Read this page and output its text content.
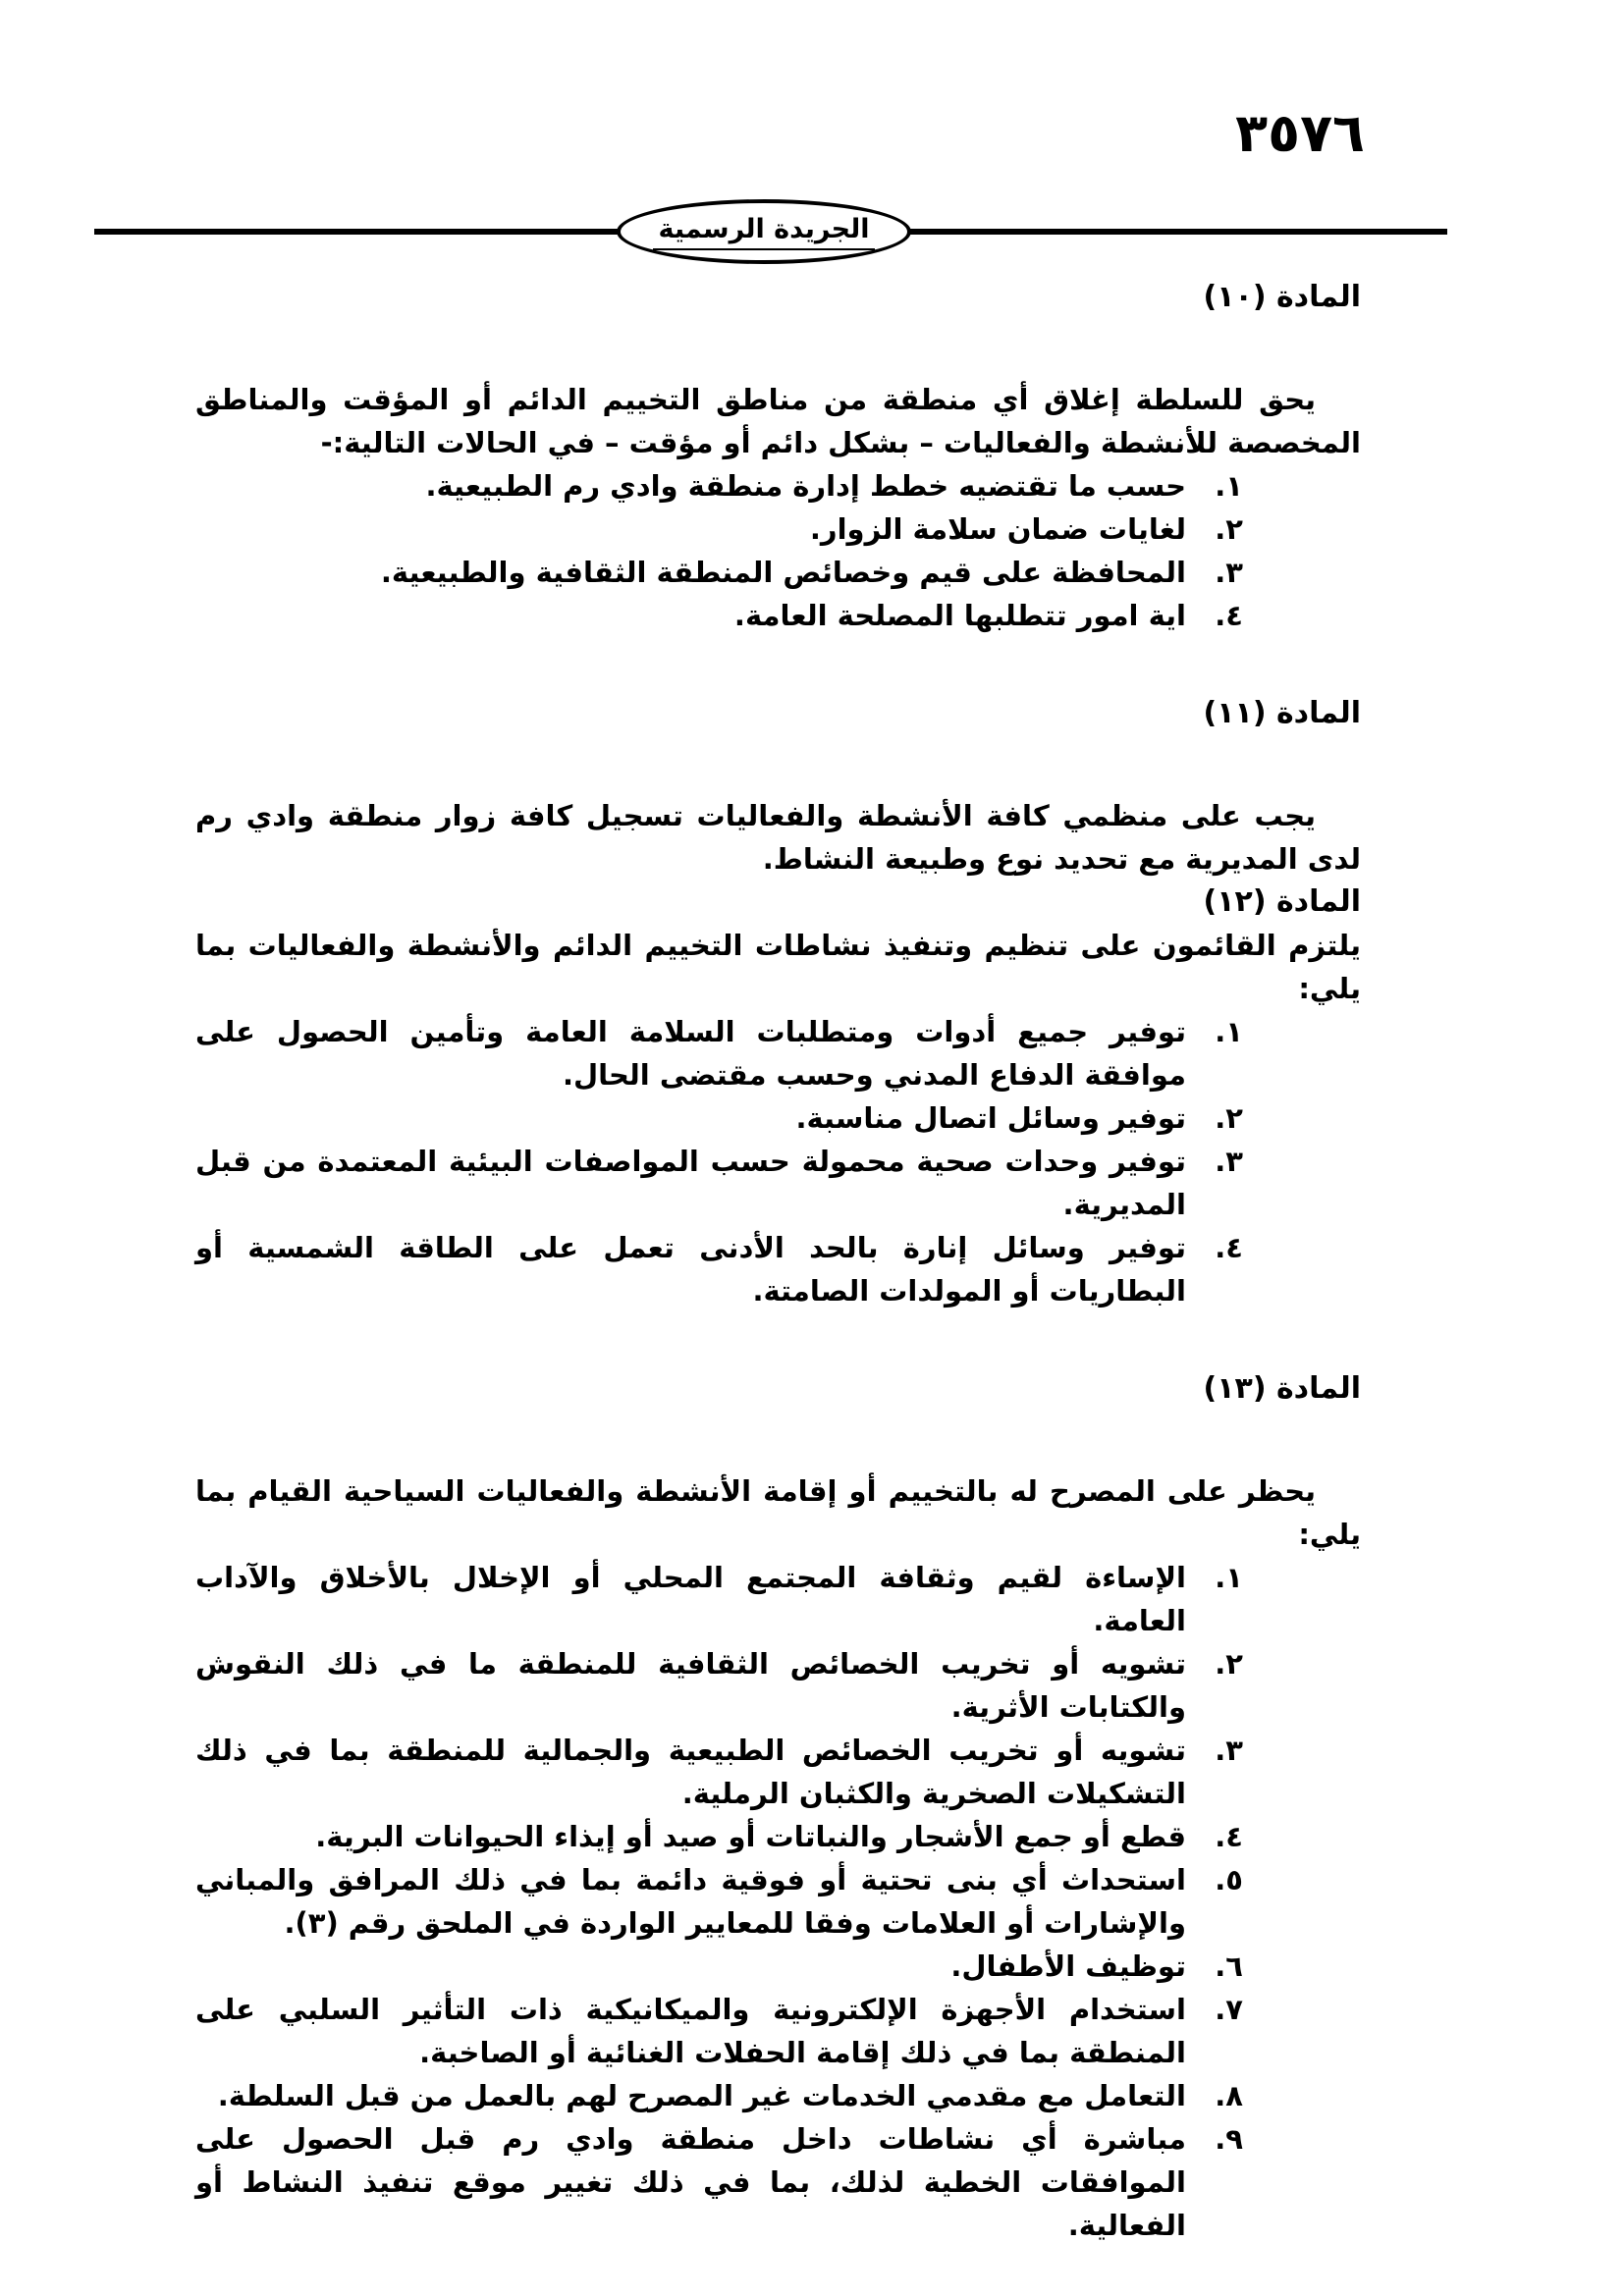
٣٥٧٦
الجريدة الرسمية
المادة (١٠)

يحق للسلطة إغلاق أي منطقة من مناطق التخييم الدائم أو المؤقت والمناطق المخصصة للأنشطة والفعاليات – بشكل دائم أو مؤقت – في الحالات التالية:-

١.
حسب ما تقتضيه خطط إدارة منطقة وادي رم الطبيعية.
٢.
لغايات ضمان سلامة الزوار.
٣.
المحافظة على قيم وخصائص المنطقة الثقافية والطبيعية.
٤.
اية امور تتطلبها المصلحة العامة.
المادة (١١)

يجب على منظمي كافة الأنشطة والفعاليات تسجيل كافة زوار منطقة وادي رم لدى المديرية مع تحديد نوع وطبيعة النشاط.

المادة (١٢)

يلتزم القائمون على تنظيم وتنفيذ نشاطات التخييم الدائم والأنشطة والفعاليات بما يلي:

١.
توفير جميع أدوات ومتطلبات السلامة العامة وتأمين الحصول على موافقة الدفاع المدني وحسب مقتضى الحال.
٢.
توفير وسائل اتصال مناسبة.
٣.
توفير وحدات صحية محمولة حسب المواصفات البيئية المعتمدة من قبل المديرية.
٤.
توفير وسائل إنارة بالحد الأدنى تعمل على الطاقة الشمسية أو البطاريات أو المولدات الصامتة.
المادة (١٣)

يحظر على المصرح له بالتخييم أو إقامة الأنشطة والفعاليات السياحية القيام بما يلي:

١.
الإساءة لقيم وثقافة المجتمع المحلي أو الإخلال بالأخلاق والآداب العامة.
٢.
تشويه أو تخريب الخصائص الثقافية للمنطقة ما في ذلك النقوش والكتابات الأثرية.
٣.
تشويه أو تخريب الخصائص الطبيعية والجمالية للمنطقة بما في ذلك التشكيلات الصخرية والكثبان الرملية.
٤.
قطع أو جمع الأشجار والنباتات أو صيد أو إيذاء الحيوانات البرية.
٥.
استحداث أي بنى تحتية أو فوقية دائمة بما في ذلك المرافق والمباني والإشارات أو العلامات وفقا للمعايير الواردة في الملحق رقم (٣).
٦.
توظيف الأطفال.
٧.
استخدام الأجهزة الإلكترونية والميكانيكية ذات التأثير السلبي على المنطقة بما في ذلك إقامة الحفلات الغنائية أو الصاخبة.
٨.
التعامل مع مقدمي الخدمات غير المصرح لهم بالعمل من قبل السلطة.
٩.
مباشرة أي نشاطات داخل منطقة وادي رم قبل الحصول على الموافقات الخطية لذلك، بما في ذلك تغيير موقع تنفيذ النشاط أو الفعالية.
